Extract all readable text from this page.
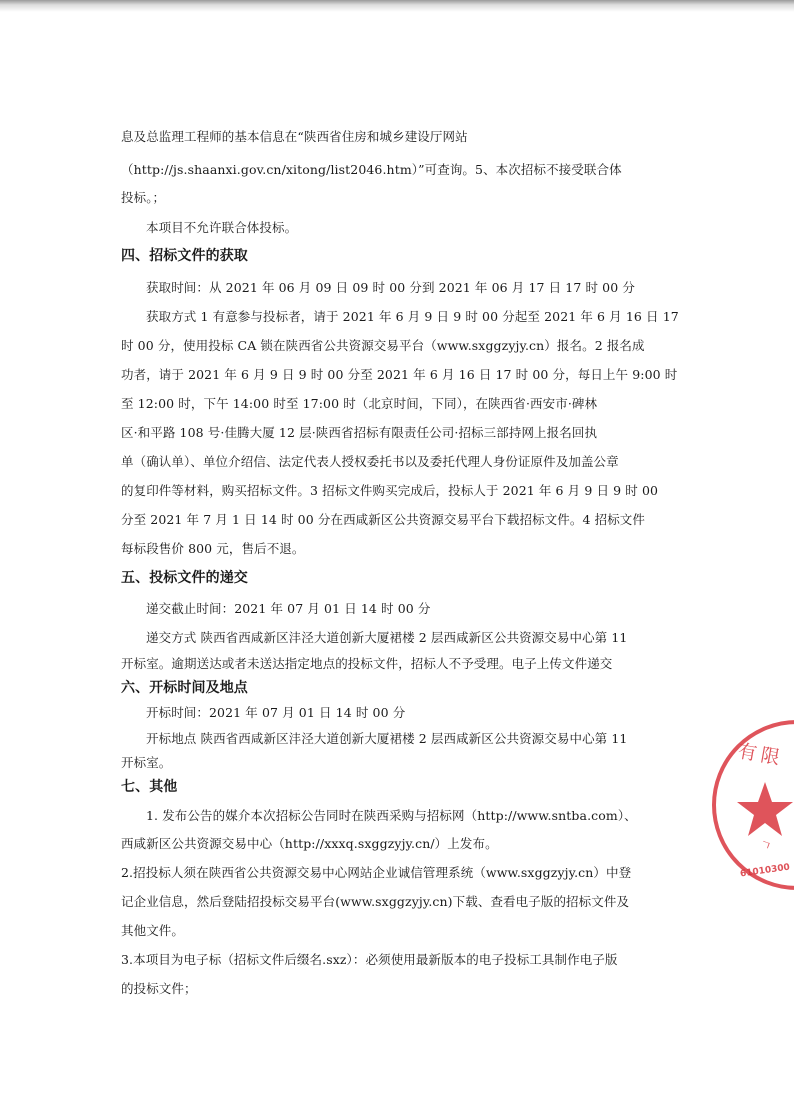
息及总监理工程师的基本信息在“陕西省住房和城乡建设厅网站
（http://js.shaanxi.gov.cn/xitong/list2046.htm）”可查询。5、本次招标不接受联合体
投标。；
本项目不允许联合体投标。
四、招标文件的获取
获取时间：从 2021 年 06 月 09 日 09 时 00 分到 2021 年 06 月 17 日 17 时 00 分
获取方式 1 有意参与投标者，请于 2021 年 6 月 9 日 9 时 00 分起至 2021 年 6 月 16 日 17
时 00 分，使用投标 CA 锁在陕西省公共资源交易平台（www.sxggzyjy.cn）报名。2 报名成
功者，请于 2021 年 6 月 9 日 9 时 00 分至 2021 年 6 月 16 日 17 时 00 分，每日上午 9:00 时
至 12:00 时，下午 14:00 时至 17:00 时（北京时间，下同），在陕西省·西安市·碑林
区·和平路 108 号·佳腾大厦 12 层·陕西省招标有限责任公司·招标三部持网上报名回执
单（确认单）、单位介绍信、法定代表人授权委托书以及委托代理人身份证原件及加盖公章
的复印件等材料，购买招标文件。3 招标文件购买完成后，投标人于 2021 年 6 月 9 日 9 时 00
分至 2021 年 7 月 1 日 14 时 00 分在西咸新区公共资源交易平台下载招标文件。4 招标文件
每标段售价 800 元，售后不退。
五、投标文件的递交
递交截止时间：2021 年 07 月 01 日 14 时 00 分
递交方式 陕西省西咸新区沣泾大道创新大厦裙楼 2 层西咸新区公共资源交易中心第 11
开标室。逾期送达或者未送达指定地点的投标文件，招标人不予受理。电子上传文件递交
六、开标时间及地点
开标时间：2021 年 07 月 01 日 14 时 00 分
开标地点 陕西省西咸新区沣泾大道创新大厦裙楼 2 层西咸新区公共资源交易中心第 11
开标室。
七、其他
1. 发布公告的媒介本次招标公告同时在陕西采购与招标网（http://www.sntba.com）、
西咸新区公共资源交易中心（http://xxxq.sxggzyjy.cn/）上发布。
2.招投标人须在陕西省公共资源交易中心网站企业诚信管理系统（www.sxggzyjy.cn）中登
记企业信息，然后登陆招投标交易平台(www.sxggzyjy.cn)下载、查看电子版的招标文件及
其他文件。
3.本项目为电子标（招标文件后缀名.sxz）：必须使用最新版本的电子投标工具制作电子版
的投标文件；
有限
ㄱ
61010300
